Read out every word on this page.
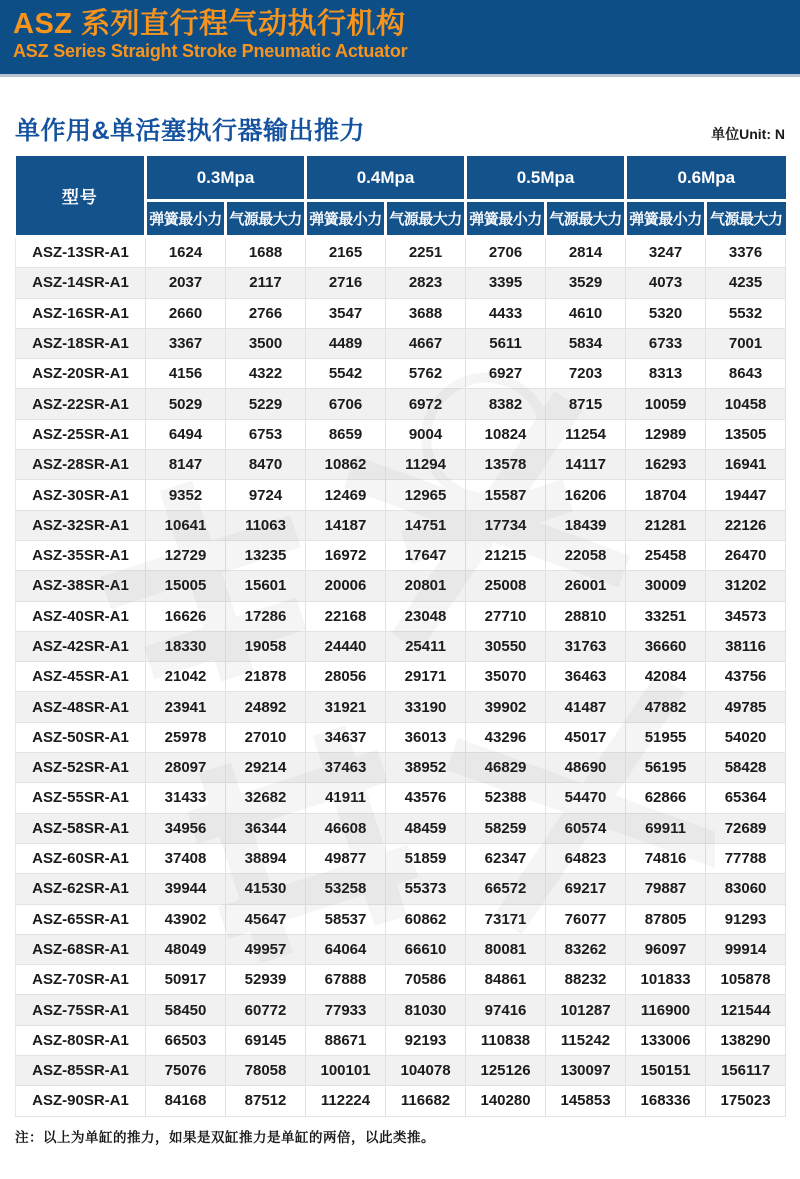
ASZ 系列直行程气动执行机构
ASZ Series Straight Stroke Pneumatic Actuator
单作用&单活塞执行器输出推力	单位Unit: N
型号	0.3Mpa		0.4Mpa		0.5Mpa		0.6Mpa	
	弹簧最小力	气源最大力	弹簧最小力	气源最大力	弹簧最小力	气源最大力	弹簧最小力	气源最大力
ASZ-13SR-A1	1624	1688	2165	2251	2706	2814	3247	3376
ASZ-14SR-A1	2037	2117	2716	2823	3395	3529	4073	4235
ASZ-16SR-A1	2660	2766	3547	3688	4433	4610	5320	5532
ASZ-18SR-A1	3367	3500	4489	4667	5611	5834	6733	7001
ASZ-20SR-A1	4156	4322	5542	5762	6927	7203	8313	8643
ASZ-22SR-A1	5029	5229	6706	6972	8382	8715	10059	10458
ASZ-25SR-A1	6494	6753	8659	9004	10824	11254	12989	13505
ASZ-28SR-A1	8147	8470	10862	11294	13578	14117	16293	16941
ASZ-30SR-A1	9352	9724	12469	12965	15587	16206	18704	19447
ASZ-32SR-A1	10641	11063	14187	14751	17734	18439	21281	22126
ASZ-35SR-A1	12729	13235	16972	17647	21215	22058	25458	26470
ASZ-38SR-A1	15005	15601	20006	20801	25008	26001	30009	31202
ASZ-40SR-A1	16626	17286	22168	23048	27710	28810	33251	34573
ASZ-42SR-A1	18330	19058	24440	25411	30550	31763	36660	38116
ASZ-45SR-A1	21042	21878	28056	29171	35070	36463	42084	43756
ASZ-48SR-A1	23941	24892	31921	33190	39902	41487	47882	49785
ASZ-50SR-A1	25978	27010	34637	36013	43296	45017	51955	54020
ASZ-52SR-A1	28097	29214	37463	38952	46829	48690	56195	58428
ASZ-55SR-A1	31433	32682	41911	43576	52388	54470	62866	65364
ASZ-58SR-A1	34956	36344	46608	48459	58259	60574	69911	72689
ASZ-60SR-A1	37408	38894	49877	51859	62347	64823	74816	77788
ASZ-62SR-A1	39944	41530	53258	55373	66572	69217	79887	83060
ASZ-65SR-A1	43902	45647	58537	60862	73171	76077	87805	91293
ASZ-68SR-A1	48049	49957	64064	66610	80081	83262	96097	99914
ASZ-70SR-A1	50917	52939	67888	70586	84861	88232	101833	105878
ASZ-75SR-A1	58450	60772	77933	81030	97416	101287	116900	121544
ASZ-80SR-A1	66503	69145	88671	92193	110838	115242	133006	138290
ASZ-85SR-A1	75076	78058	100101	104078	125126	130097	150151	156117
ASZ-90SR-A1	84168	87512	112224	116682	140280	145853	168336	175023
注：以上为单缸的推力，如果是双缸推力是单缸的两倍，以此类推。
